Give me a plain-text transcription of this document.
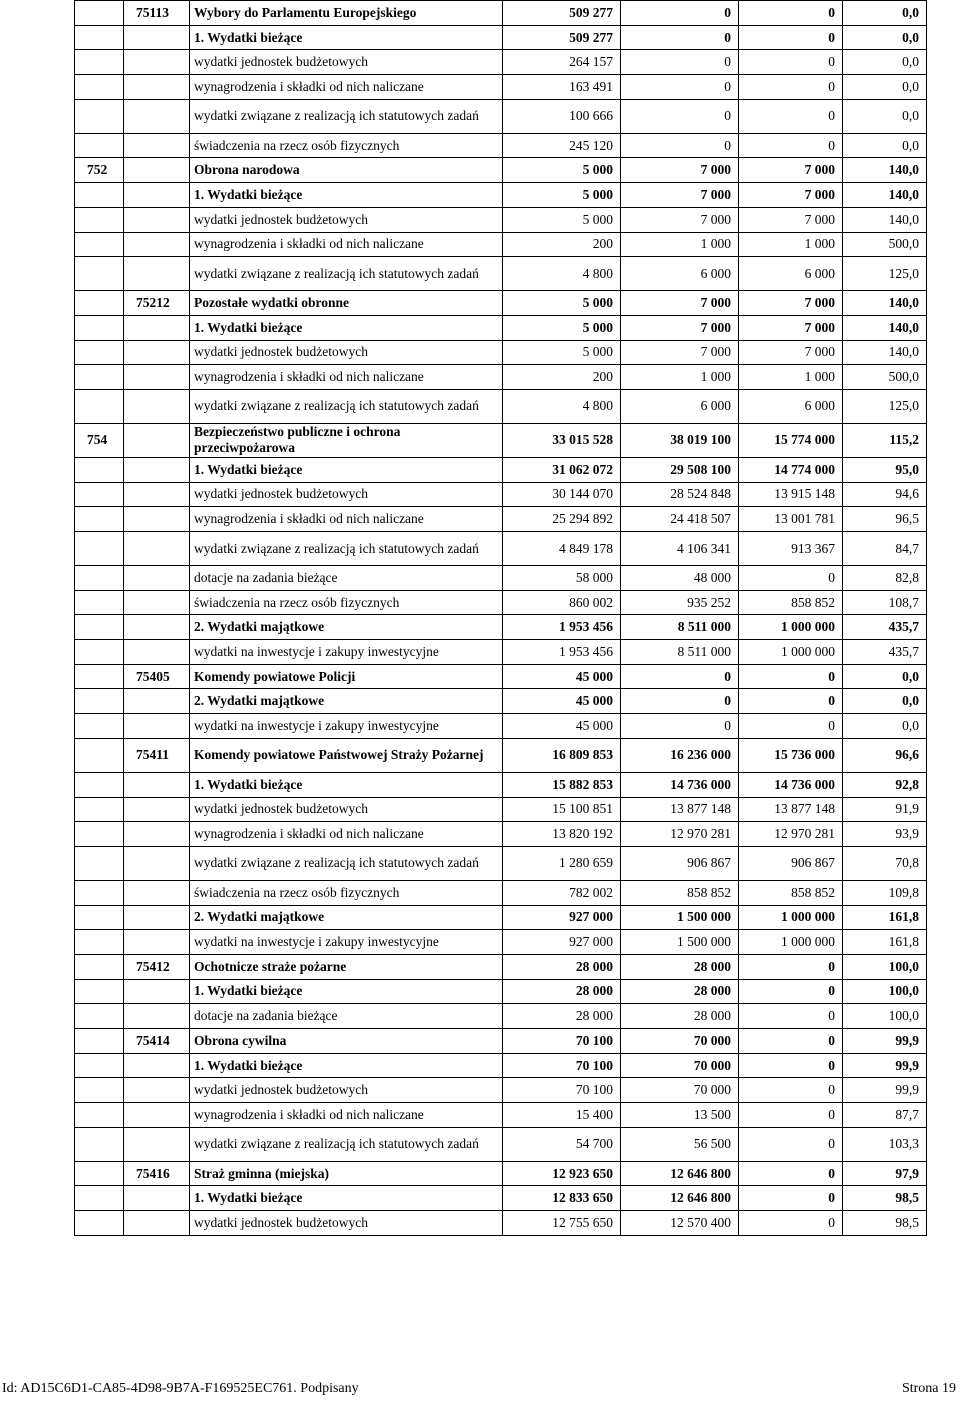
	75113	Wybory do Parlamentu Europejskiego	509 277	0	0	0,0
		1. Wydatki bieżące	509 277	0	0	0,0
		wydatki jednostek budżetowych	264 157	0	0	0,0
		wynagrodzenia i składki od nich naliczane	163 491	0	0	0,0
		wydatki związane z realizacją ich statutowych zadań	100 666	0	0	0,0
		świadczenia na rzecz osób fizycznych	245 120	0	0	0,0
752		Obrona narodowa	5 000	7 000	7 000	140,0
		1. Wydatki bieżące	5 000	7 000	7 000	140,0
		wydatki jednostek budżetowych	5 000	7 000	7 000	140,0
		wynagrodzenia i składki od nich naliczane	200	1 000	1 000	500,0
		wydatki związane z realizacją ich statutowych zadań	4 800	6 000	6 000	125,0
	75212	Pozostałe wydatki obronne	5 000	7 000	7 000	140,0
		1. Wydatki bieżące	5 000	7 000	7 000	140,0
		wydatki jednostek budżetowych	5 000	7 000	7 000	140,0
		wynagrodzenia i składki od nich naliczane	200	1 000	1 000	500,0
		wydatki związane z realizacją ich statutowych zadań	4 800	6 000	6 000	125,0
754		Bezpieczeństwo publiczne i ochrona przeciwpożarowa	33 015 528	38 019 100	15 774 000	115,2
		1. Wydatki bieżące	31 062 072	29 508 100	14 774 000	95,0
		wydatki jednostek budżetowych	30 144 070	28 524 848	13 915 148	94,6
		wynagrodzenia i składki od nich naliczane	25 294 892	24 418 507	13 001 781	96,5
		wydatki związane z realizacją ich statutowych zadań	4 849 178	4 106 341	913 367	84,7
		dotacje na zadania bieżące	58 000	48 000	0	82,8
		świadczenia na rzecz osób fizycznych	860 002	935 252	858 852	108,7
		2. Wydatki majątkowe	1 953 456	8 511 000	1 000 000	435,7
		wydatki na inwestycje i zakupy inwestycyjne	1 953 456	8 511 000	1 000 000	435,7
	75405	Komendy powiatowe Policji	45 000	0	0	0,0
		2. Wydatki majątkowe	45 000	0	0	0,0
		wydatki na inwestycje i zakupy inwestycyjne	45 000	0	0	0,0
	75411	Komendy powiatowe Państwowej Straży Pożarnej	16 809 853	16 236 000	15 736 000	96,6
		1. Wydatki bieżące	15 882 853	14 736 000	14 736 000	92,8
		wydatki jednostek budżetowych	15 100 851	13 877 148	13 877 148	91,9
		wynagrodzenia i składki od nich naliczane	13 820 192	12 970 281	12 970 281	93,9
		wydatki związane z realizacją ich statutowych zadań	1 280 659	906 867	906 867	70,8
		świadczenia na rzecz osób fizycznych	782 002	858 852	858 852	109,8
		2. Wydatki majątkowe	927 000	1 500 000	1 000 000	161,8
		wydatki na inwestycje i zakupy inwestycyjne	927 000	1 500 000	1 000 000	161,8
	75412	Ochotnicze straże pożarne	28 000	28 000	0	100,0
		1. Wydatki bieżące	28 000	28 000	0	100,0
		dotacje na zadania bieżące	28 000	28 000	0	100,0
	75414	Obrona cywilna	70 100	70 000	0	99,9
		1. Wydatki bieżące	70 100	70 000	0	99,9
		wydatki jednostek budżetowych	70 100	70 000	0	99,9
		wynagrodzenia i składki od nich naliczane	15 400	13 500	0	87,7
		wydatki związane z realizacją ich statutowych zadań	54 700	56 500	0	103,3
	75416	Straż gminna (miejska)	12 923 650	12 646 800	0	97,9
		1. Wydatki bieżące	12 833 650	12 646 800	0	98,5
		wydatki jednostek budżetowych	12 755 650	12 570 400	0	98,5
Id: AD15C6D1-CA85-4D98-9B7A-F169525EC761. Podpisany	Strona 19
